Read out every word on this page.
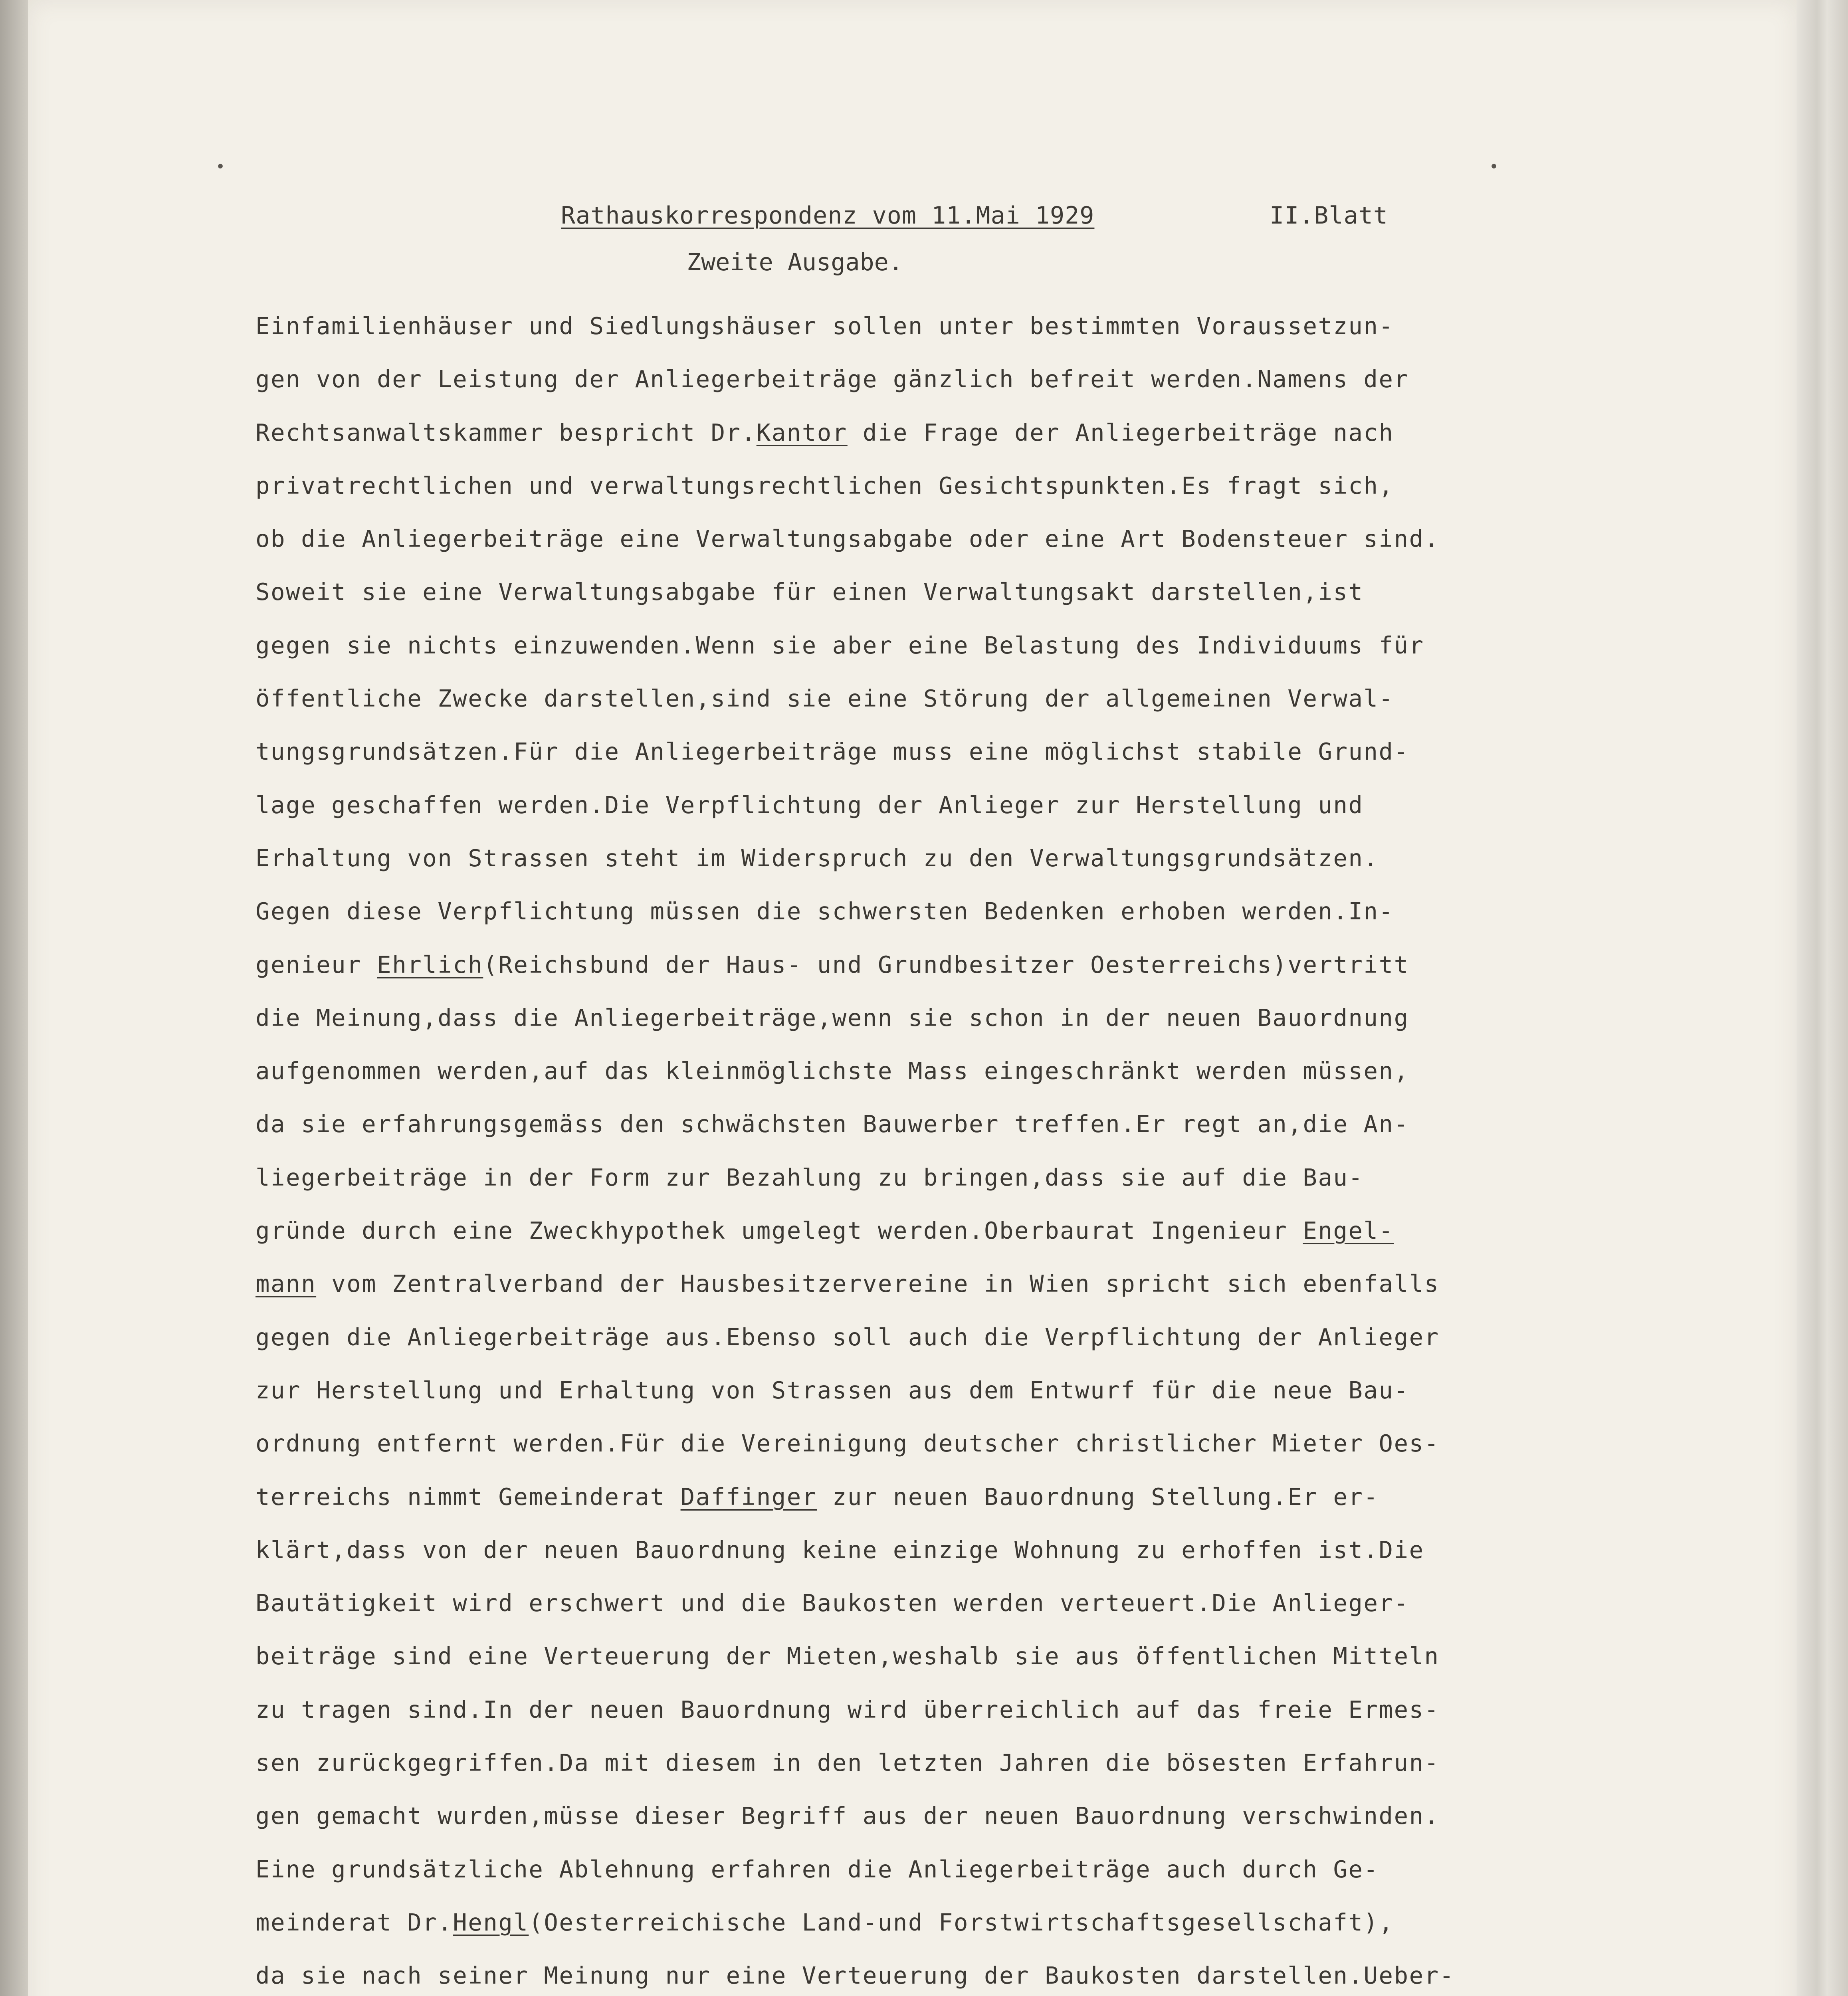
•	•
Rathauskorrespondenz vom 11.Mai 1929	II.Blatt
Zweite Ausgabe.
Einfamilienhäuser und Siedlungshäuser sollen unter bestimmten Voraussetzun-
gen von der Leistung der Anliegerbeiträge gänzlich befreit werden.Namens der
Rechtsanwaltskammer bespricht Dr.Kantor die Frage der Anliegerbeiträge nach
privatrechtlichen und verwaltungsrechtlichen Gesichtspunkten.Es fragt sich,
ob die Anliegerbeiträge eine Verwaltungsabgabe oder eine Art Bodensteuer sind.
Soweit sie eine Verwaltungsabgabe für einen Verwaltungsakt darstellen,ist
gegen sie nichts einzuwenden.Wenn sie aber eine Belastung des Individuums für
öffentliche Zwecke darstellen,sind sie eine Störung der allgemeinen Verwal-
tungsgrundsätzen.Für die Anliegerbeiträge muss eine möglichst stabile Grund-
lage geschaffen werden.Die Verpflichtung der Anlieger zur Herstellung und
Erhaltung von Strassen steht im Widerspruch zu den Verwaltungsgrundsätzen.
Gegen diese Verpflichtung müssen die schwersten Bedenken erhoben werden.In-
genieur Ehrlich(Reichsbund der Haus- und Grundbesitzer Oesterreichs)vertritt
die Meinung,dass die Anliegerbeiträge,wenn sie schon in der neuen Bauordnung
aufgenommen werden,auf das kleinmöglichste Mass eingeschränkt werden müssen,
da sie erfahrungsgemäss den schwächsten Bauwerber treffen.Er regt an,die An-
liegerbeiträge in der Form zur Bezahlung zu bringen,dass sie auf die Bau-
gründe durch eine Zweckhypothek umgelegt werden.Oberbaurat Ingenieur Engel-
mann vom Zentralverband der Hausbesitzervereine in Wien spricht sich ebenfalls
gegen die Anliegerbeiträge aus.Ebenso soll auch die Verpflichtung der Anlieger
zur Herstellung und Erhaltung von Strassen aus dem Entwurf für die neue Bau-
ordnung entfernt werden.Für die Vereinigung deutscher christlicher Mieter Oes-
terreichs nimmt Gemeinderat Daffinger zur neuen Bauordnung Stellung.Er er-
klärt,dass von der neuen Bauordnung keine einzige Wohnung zu erhoffen ist.Die
Bautätigkeit wird erschwert und die Baukosten werden verteuert.Die Anlieger-
beiträge sind eine Verteuerung der Mieten,weshalb sie aus öffentlichen Mitteln
zu tragen sind.In der neuen Bauordnung wird überreichlich auf das freie Ermes-
sen zurückgegriffen.Da mit diesem in den letzten Jahren die bösesten Erfahrun-
gen gemacht wurden,müsse dieser Begriff aus der neuen Bauordnung verschwinden.
Eine grundsätzliche Ablehnung erfahren die Anliegerbeiträge auch durch Ge-
meinderat Dr.Hengl(Oesterreichische Land-und Forstwirtschaftsgesellschaft),
da sie nach seiner Meinung nur eine Verteuerung der Baukosten darstellen.Ueber-
